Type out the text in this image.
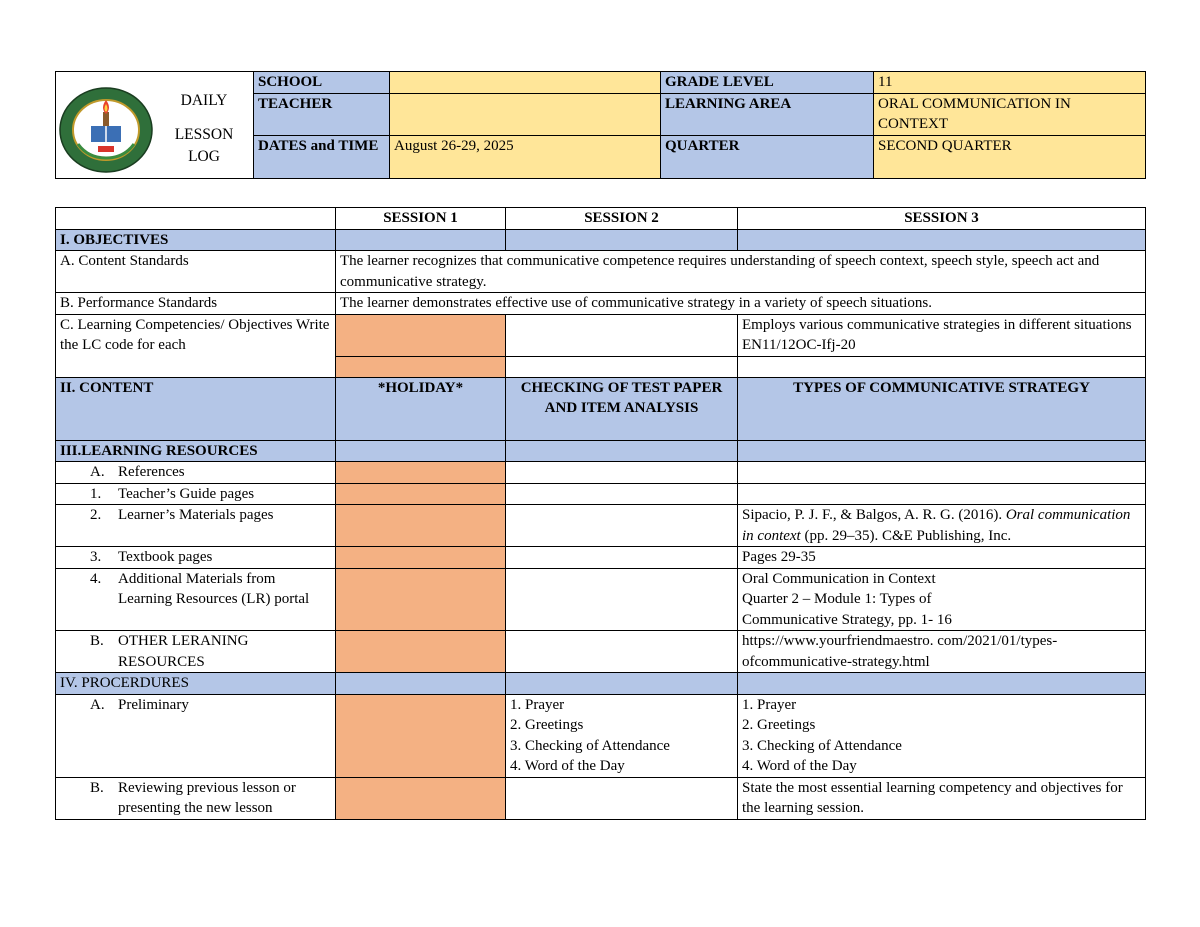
DAILY
LESSON
LOG	SCHOOL		GRADE LEVEL	11
	TEACHER		LEARNING AREA	ORAL COMMUNICATION IN CONTEXT
	DATES and TIME	August 26-29, 2025	QUARTER	SECOND QUARTER
	SESSION 1	SESSION 2	SESSION 3
I. OBJECTIVES			
A. Content Standards	The learner recognizes that communicative competence requires understanding of speech context, speech style, speech act and communicative strategy.		
B. Performance Standards	The learner demonstrates effective use of communicative strategy in a variety of speech situations.		
C. Learning Competencies/ Objectives Write the LC code for each			Employs various communicative strategies in different situations EN11/12OC-Ifj-20

II. CONTENT	*HOLIDAY*	CHECKING OF TEST PAPER AND ITEM ANALYSIS	TYPES OF COMMUNICATIVE STRATEGY
III.LEARNING RESOURCES			
A. References			
1. Teacher’s Guide pages			
2. Learner’s Materials pages			Sipacio, P. J. F., & Balgos, A. R. G. (2016). Oral communication in context (pp. 29–35). C&E Publishing, Inc.
3. Textbook pages			Pages 29-35
4. Additional Materials from Learning Resources (LR) portal			Oral Communication in Context
Quarter 2 – Module 1: Types of
Communicative Strategy, pp. 1- 16

B. OTHER LERANING RESOURCES			https://www.yourfriendmaestro. com/2021/01/types-ofcommunicative-strategy.html
IV. PROCERDURES			
A. Preliminary		1. Prayer
2. Greetings
3. Checking of Attendance
4. Word of the Day	1. Prayer
2. Greetings
3. Checking of Attendance
4. Word of the Day

B. Reviewing previous lesson or presenting the new lesson			State the most essential learning competency and objectives for the learning session.
